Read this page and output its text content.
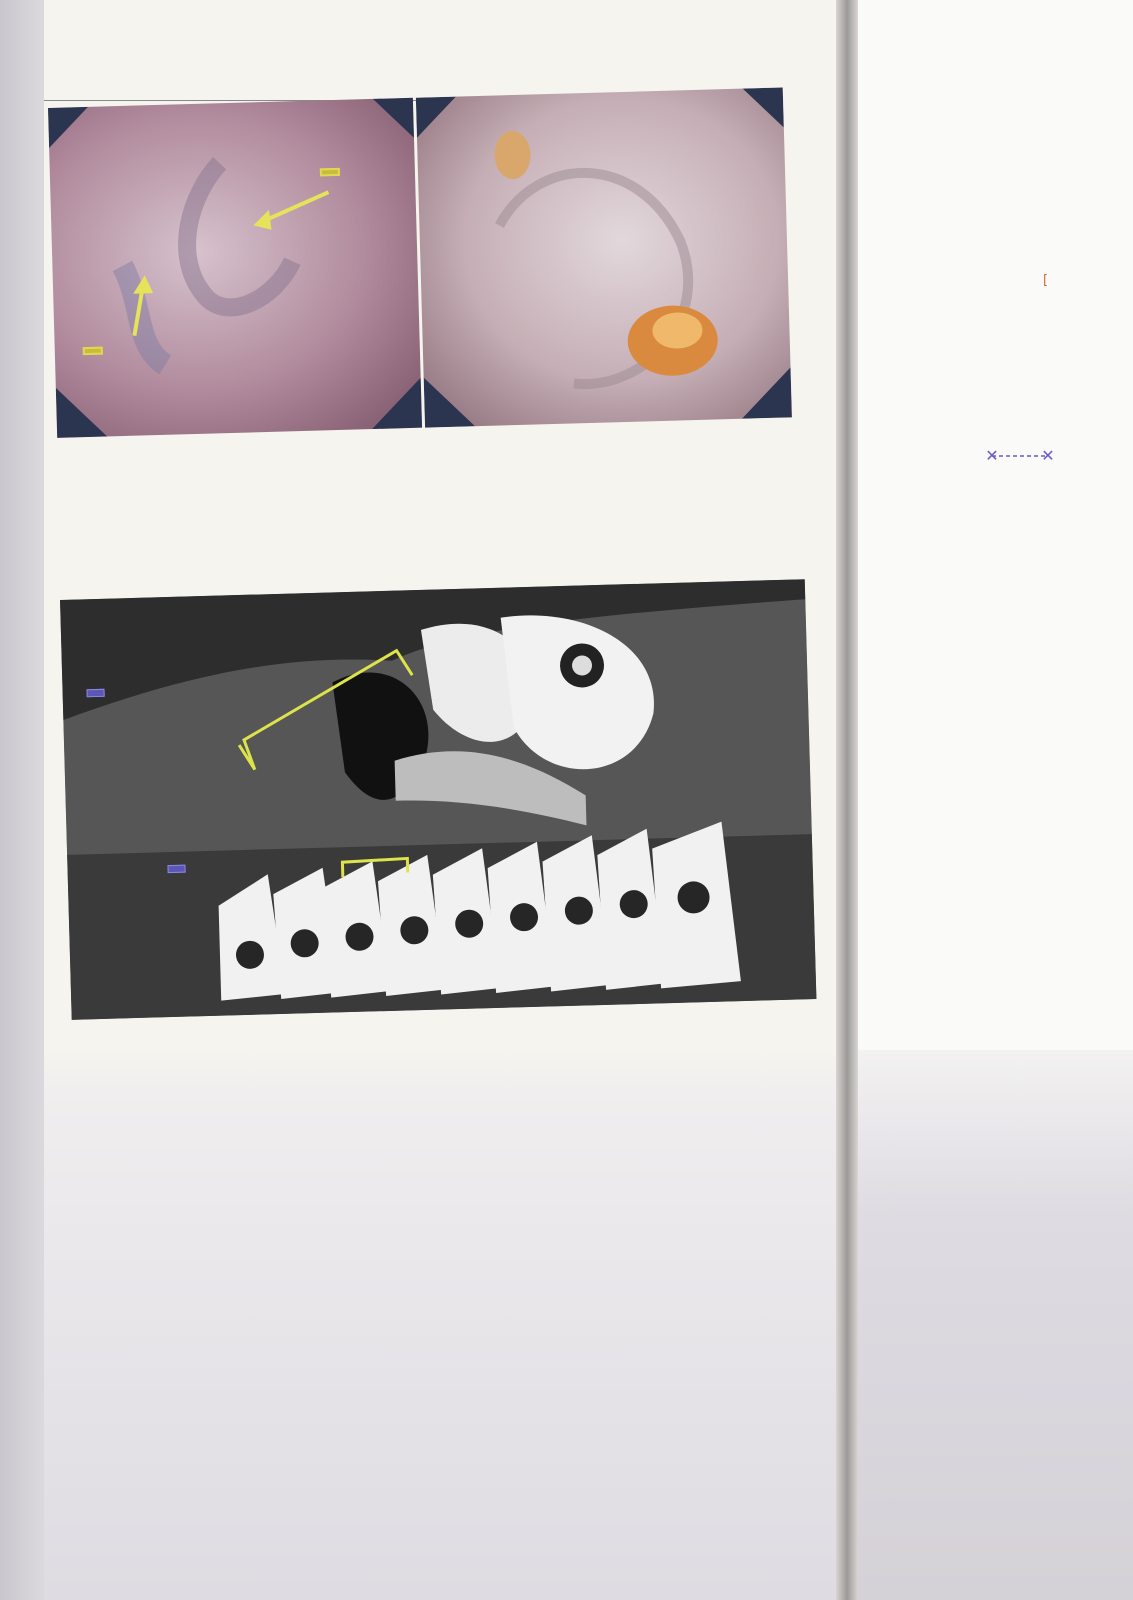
✕	✕
[
